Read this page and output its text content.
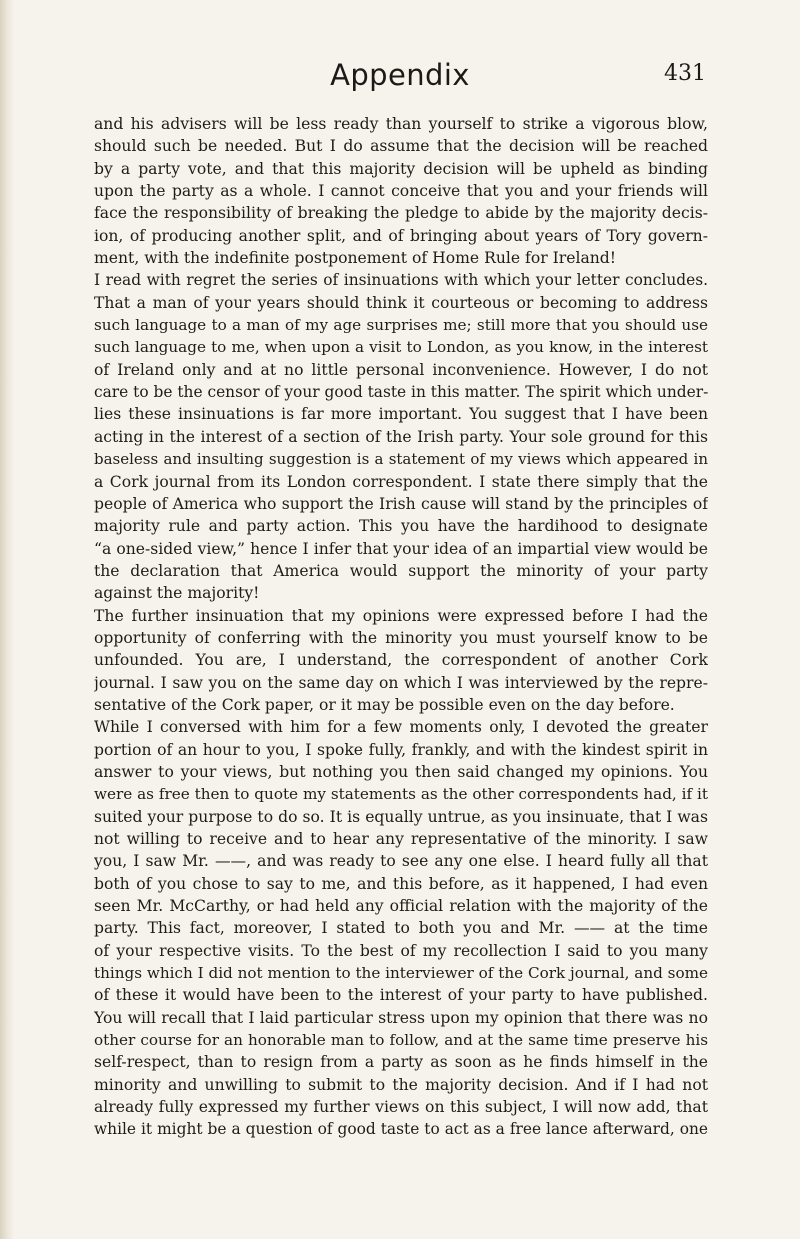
Appendix	431
and his advisers will be less ready than yourself to strike a vigorous blow,
should such be needed. But I do assume that the decision will be reached
by a party vote, and that this majority decision will be upheld as binding
upon the party as a whole. I cannot conceive that you and your friends will
face the responsibility of breaking the pledge to abide by the majority decis-
ion, of producing another split, and of bringing about years of Tory govern-
ment, with the indefinite postponement of Home Rule for Ireland!
I read with regret the series of insinuations with which your letter concludes.
That a man of your years should think it courteous or becoming to address
such language to a man of my age surprises me; still more that you should use
such language to me, when upon a visit to London, as you know, in the interest
of Ireland only and at no little personal inconvenience. However, I do not
care to be the censor of your good taste in this matter. The spirit which under-
lies these insinuations is far more important. You suggest that I have been
acting in the interest of a section of the Irish party. Your sole ground for this
baseless and insulting suggestion is a statement of my views which appeared in
a Cork journal from its London correspondent. I state there simply that the
people of America who support the Irish cause will stand by the principles of
majority rule and party action. This you have the hardihood to designate
“a one-sided view,” hence I infer that your idea of an impartial view would be
the declaration that America would support the minority of your party
against the majority!
The further insinuation that my opinions were expressed before I had the
opportunity of conferring with the minority you must yourself know to be
unfounded. You are, I understand, the correspondent of another Cork
journal. I saw you on the same day on which I was interviewed by the repre-
sentative of the Cork paper, or it may be possible even on the day before.
While I conversed with him for a few moments only, I devoted the greater
portion of an hour to you, I spoke fully, frankly, and with the kindest spirit in
answer to your views, but nothing you then said changed my opinions. You
were as free then to quote my statements as the other correspondents had, if it
suited your purpose to do so. It is equally untrue, as you insinuate, that I was
not willing to receive and to hear any representative of the minority. I saw
you, I saw Mr. ——, and was ready to see any one else. I heard fully all that
both of you chose to say to me, and this before, as it happened, I had even
seen Mr. McCarthy, or had held any official relation with the majority of the
party. This fact, moreover, I stated to both you and Mr. —— at the time
of your respective visits. To the best of my recollection I said to you many
things which I did not mention to the interviewer of the Cork journal, and some
of these it would have been to the interest of your party to have published.
You will recall that I laid particular stress upon my opinion that there was no
other course for an honorable man to follow, and at the same time preserve his
self-respect, than to resign from a party as soon as he finds himself in the
minority and unwilling to submit to the majority decision. And if I had not
already fully expressed my further views on this subject, I will now add, that
while it might be a question of good taste to act as a free lance afterward, one
